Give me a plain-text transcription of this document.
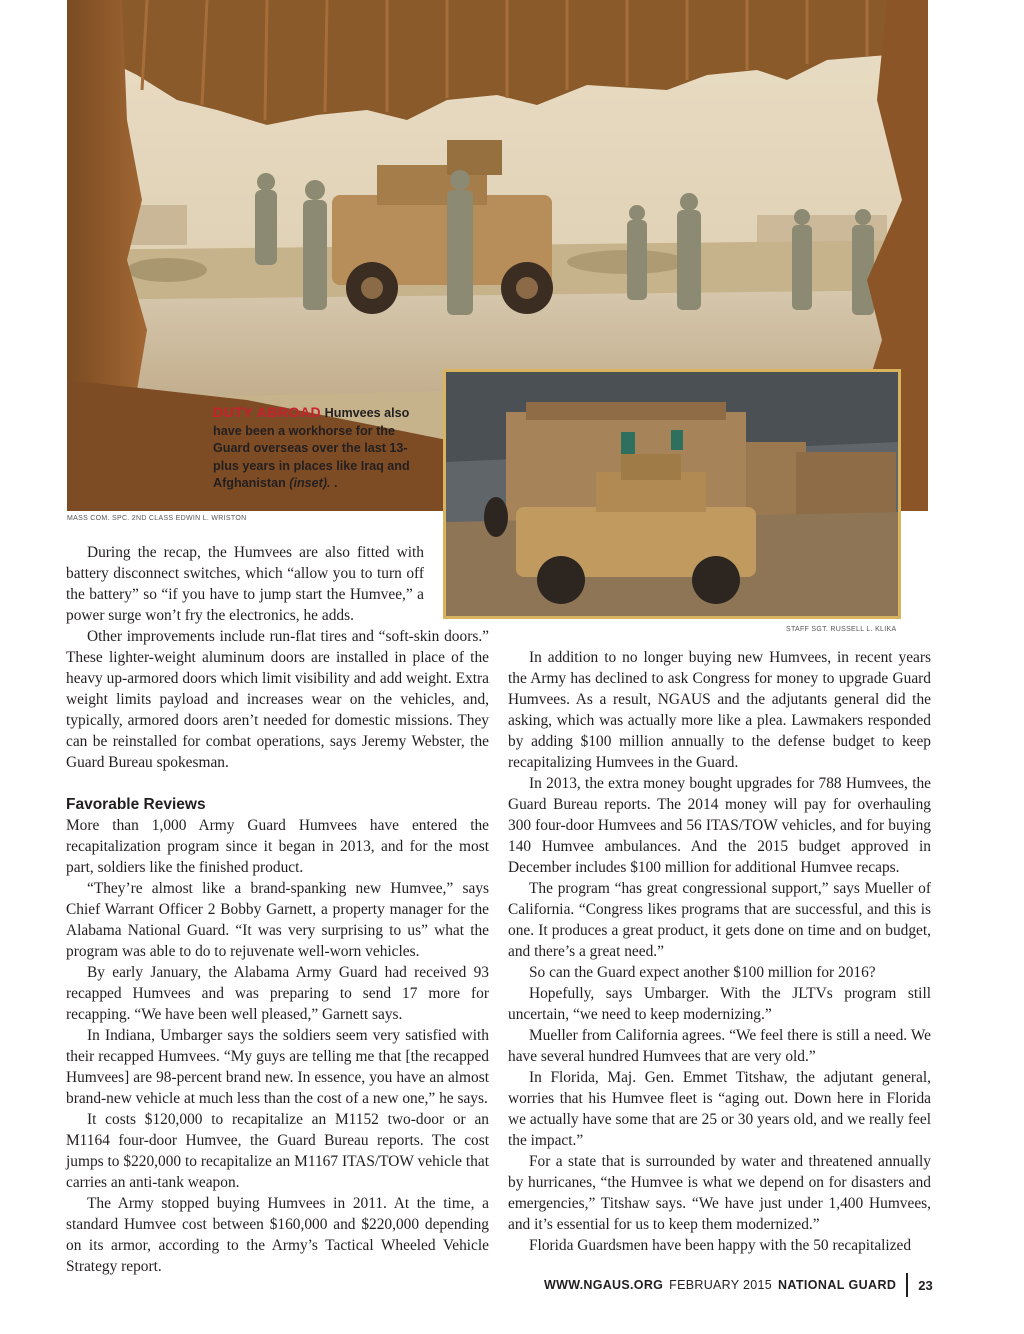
DUTY ABROAD Humvees also have been a workhorse for the Guard overseas over the last 13-plus years in places like Iraq and Afghanistan (inset). .
MASS COM. SPC. 2ND CLASS EDWIN L. WRISTON
STAFF SGT. RUSSELL L. KLIKA

During the recap, the Humvees are also fitted with battery disconnect switches, which “allow you to turn off the battery” so “if you have to jump start the Humvee,” a power surge won’t fry the electronics, he adds.

Other improvements include run-flat tires and “soft-skin doors.” These lighter-weight aluminum doors are installed in place of the heavy up-armored doors which limit visibility and add weight. Extra weight limits payload and increases wear on the vehicles, and, typically, armored doors aren’t needed for domestic missions. They can be reinstalled for combat operations, says Jeremy Webster, the Guard Bureau spokesman.

Favorable Reviews

More than 1,000 Army Guard Humvees have entered the recapitalization program since it began in 2013, and for the most part, soldiers like the finished product.

“They’re almost like a brand-spanking new Humvee,” says Chief Warrant Officer 2 Bobby Garnett, a property manager for the Alabama National Guard. “It was very surprising to us” what the program was able to do to rejuvenate well-worn vehicles.

By early January, the Alabama Army Guard had received 93 recapped Humvees and was preparing to send 17 more for recapping. “We have been well pleased,” Garnett says.

In Indiana, Umbarger says the soldiers seem very satisfied with their recapped Humvees. “My guys are telling me that [the recapped Humvees] are 98-percent brand new. In essence, you have an almost brand-new vehicle at much less than the cost of a new one,” he says.

It costs $120,000 to recapitalize an M1152 two-door or an M1164 four-door Humvee, the Guard Bureau reports. The cost jumps to $220,000 to recapitalize an M1167 ITAS/TOW vehicle that carries an anti-tank weapon.

The Army stopped buying Humvees in 2011. At the time, a standard Humvee cost between $160,000 and $220,000 depending on its armor, according to the Army’s Tactical Wheeled Vehicle Strategy report.

In addition to no longer buying new Humvees, in recent years the Army has declined to ask Congress for money to upgrade Guard Humvees. As a result, NGAUS and the adjutants general did the asking, which was actually more like a plea. Lawmakers responded by adding $100 million annually to the defense budget to keep recapitalizing Humvees in the Guard.

In 2013, the extra money bought upgrades for 788 Humvees, the Guard Bureau reports. The 2014 money will pay for overhauling 300 four-door Humvees and 56 ITAS/TOW vehicles, and for buying 140 Humvee ambulances. And the 2015 budget approved in December includes $100 million for additional Humvee recaps.

The program “has great congressional support,” says Mueller of California. “Congress likes programs that are successful, and this is one. It produces a great product, it gets done on time and on budget, and there’s a great need.”

So can the Guard expect another $100 million for 2016?

Hopefully, says Umbarger. With the JLTVs program still uncertain, “we need to keep modernizing.”

Mueller from California agrees. “We feel there is still a need. We have several hundred Humvees that are very old.”

In Florida, Maj. Gen. Emmet Titshaw, the adjutant general, worries that his Humvee fleet is “aging out. Down here in Florida we actually have some that are 25 or 30 years old, and we really feel the impact.”

For a state that is surrounded by water and threatened annually by hurricanes, “the Humvee is what we depend on for disasters and emergencies,” Titshaw says. “We have just under 1,400 Humvees, and it’s essential for us to keep them modernized.”

Florida Guardsmen have been happy with the 50 recapitalized

WWW.NGAUS.ORG FEBRUARY 2015 NATIONAL GUARD 23
